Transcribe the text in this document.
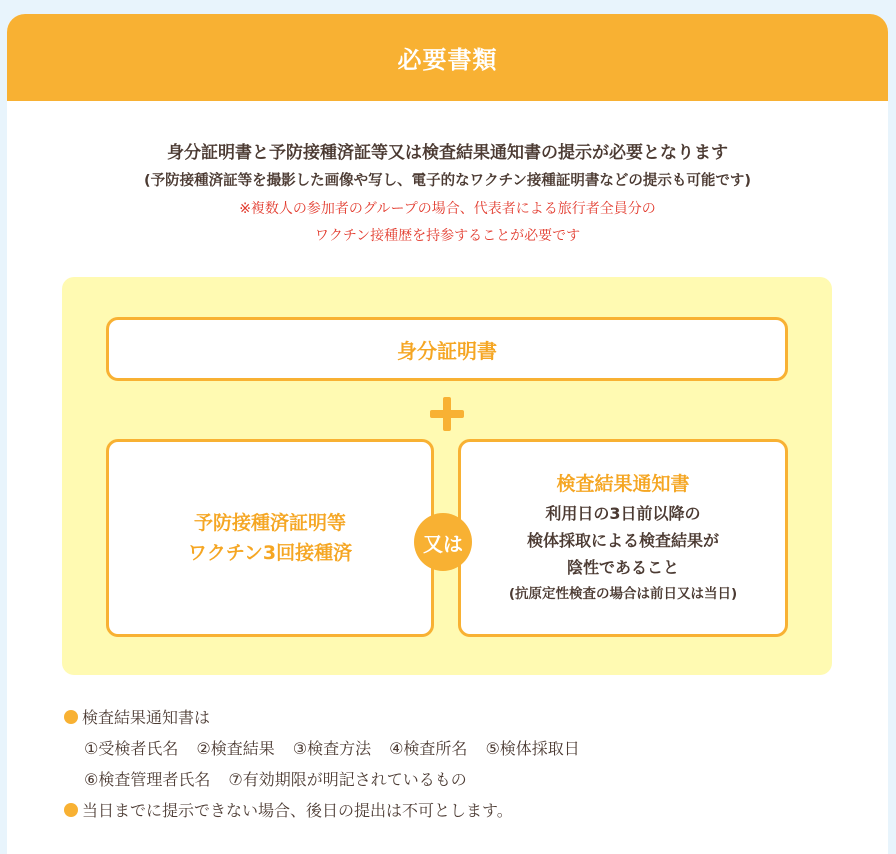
必要書類
身分証明書と予防接種済証等又は検査結果通知書の提示が必要となります
(予防接種済証等を撮影した画像や写し、電子的なワクチン接種証明書などの提示も可能です)
※複数人の参加者のグループの場合、代表者による旅行者全員分の
ワクチン接種歴を持参することが必要です
身分証明書
予防接種済証明等
ワクチン3回接種済
検査結果通知書
利用日の3日前以降の
検体採取による検査結果が
陰性であること
(抗原定性検査の場合は前日又は当日)
又は
検査結果通知書は
①受検者氏名 ②検査結果 ③検査方法 ④検査所名 ⑤検体採取日
⑥検査管理者氏名 ⑦有効期限が明記されているもの
当日までに提示できない場合、後日の提出は不可とします。
